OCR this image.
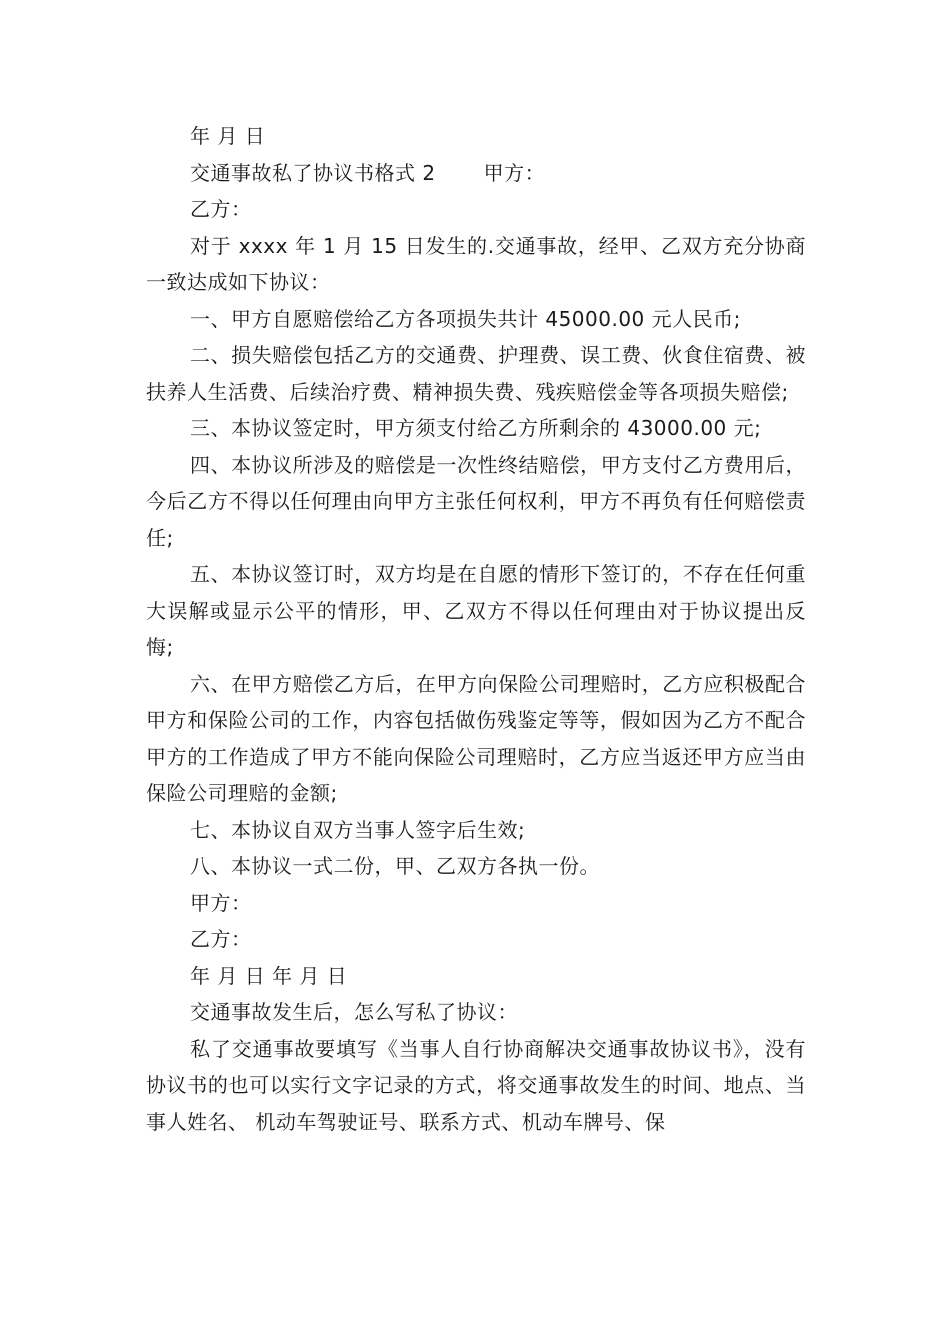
年 月 日

交通事故私了协议书格式 2 甲方：

乙方：

对于 xxxx 年 1 月 15 日发生的.交通事故，经甲、乙双方充分协商一致达成如下协议：

一、甲方自愿赔偿给乙方各项损失共计 45000.00 元人民币;

二、损失赔偿包括乙方的交通费、护理费、误工费、伙食住宿费、被扶养人生活费、后续治疗费、精神损失费、残疾赔偿金等各项损失赔偿;

三、本协议签定时，甲方须支付给乙方所剩余的 43000.00 元;

四、本协议所涉及的赔偿是一次性终结赔偿，甲方支付乙方费用后，今后乙方不得以任何理由向甲方主张任何权利，甲方不再负有任何赔偿责任;

五、本协议签订时，双方均是在自愿的情形下签订的，不存在任何重大误解或显示公平的情形，甲、乙双方不得以任何理由对于协议提出反悔;

六、在甲方赔偿乙方后，在甲方向保险公司理赔时，乙方应积极配合甲方和保险公司的工作，内容包括做伤残鉴定等等，假如因为乙方不配合甲方的工作造成了甲方不能向保险公司理赔时，乙方应当返还甲方应当由保险公司理赔的金额;

七、本协议自双方当事人签字后生效;

八、本协议一式二份，甲、乙双方各执一份。

甲方：

乙方：

年 月 日 年 月 日

交通事故发生后，怎么写私了协议：

私了交通事故要填写《当事人自行协商解决交通事故协议书》，没有协议书的也可以实行文字记录的方式，将交通事故发生的时间、地点、当事人姓名、 机动车驾驶证号、联系方式、机动车牌号、保
